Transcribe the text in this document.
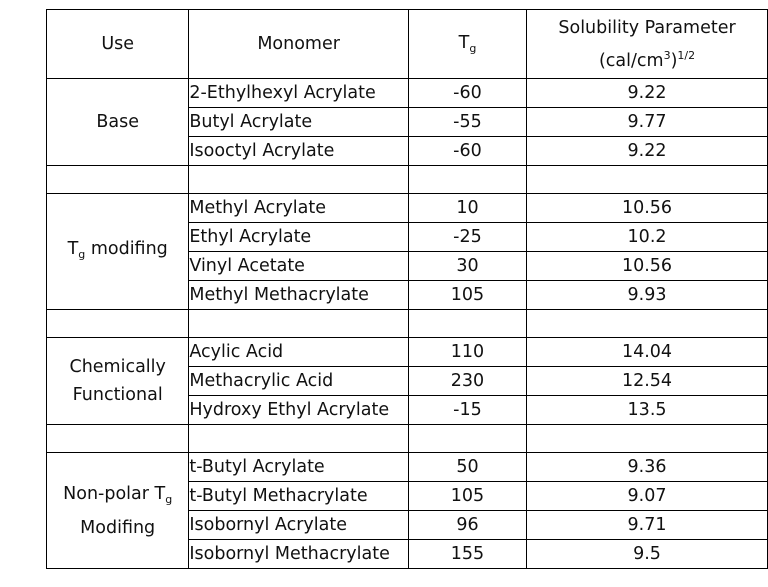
Use	Monomer	$T_g$	Solubility Parameter
$(cal/cm^3)^{1/2}$

Base	2-Ethylhexyl Acrylate	-60	9.22
	Butyl Acrylate	-55	9.77
	Isooctyl Acrylate	-60	9.22

$T_g$ modifing	Methyl Acrylate	10	10.56
	Ethyl Acrylate	-25	10.2
	Vinyl Acetate	30	10.56
	Methyl Methacrylate	105	9.93

Chemically
Functional	Acylic Acid	110	14.04
	Methacrylic Acid	230	12.54
	Hydroxy Ethyl Acrylate	-15	13.5

Non-polar $T_g$
Modifing	t-Butyl Acrylate	50	9.36
	t-Butyl Methacrylate	105	9.07
	Isobornyl Acrylate	96	9.71
	Isobornyl Methacrylate	155	9.5
